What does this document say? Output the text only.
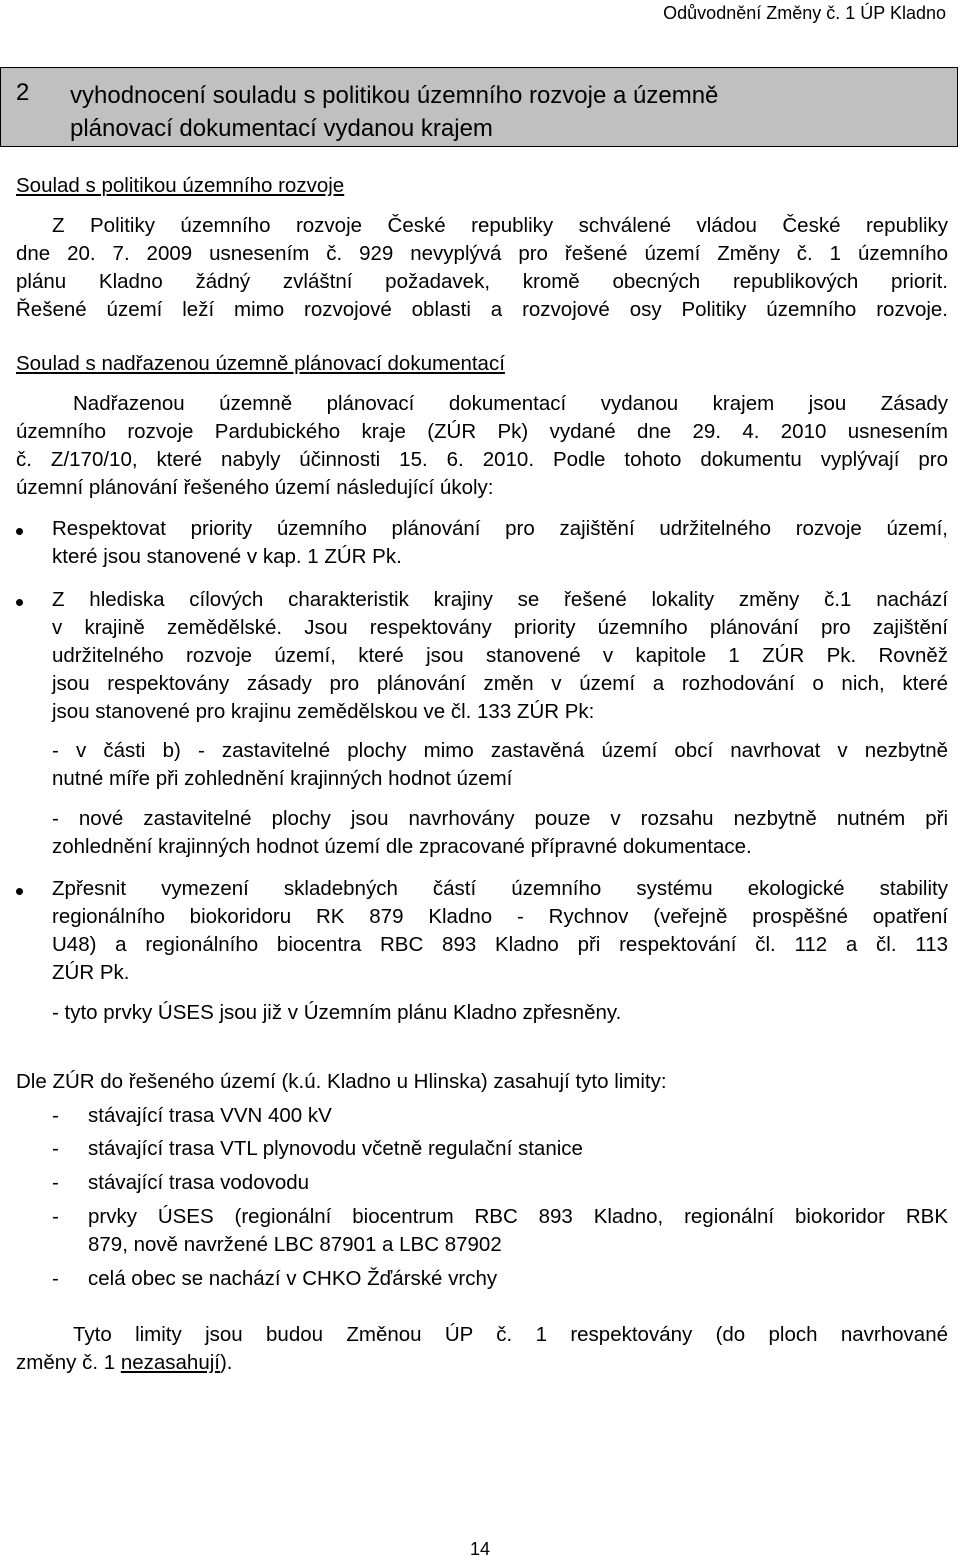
Odůvodnění Změny č. 1 ÚP Kladno
2 vyhodnocení souladu s politikou územního rozvoje a územně
plánovací dokumentací vydanou krajem
Soulad s politikou územního rozvoje
Z Politiky územního rozvoje České republiky schválené vládou České republiky
dne 20. 7. 2009 usnesením č. 929 nevyplývá pro řešené území Změny č. 1 územního
plánu Kladno žádný zvláštní požadavek, kromě obecných republikových priorit.
Řešené území leží mimo rozvojové oblasti a rozvojové osy Politiky územního rozvoje.
Soulad s nadřazenou územně plánovací dokumentací
Nadřazenou územně plánovací dokumentací vydanou krajem jsou Zásady
územního rozvoje Pardubického kraje (ZÚR Pk) vydané dne 29. 4. 2010 usnesením
č. Z/170/10, které nabyly účinnosti 15. 6. 2010. Podle tohoto dokumentu vyplývají pro
územní plánování řešeného území následující úkoly:
Respektovat priority územního plánování pro zajištění udržitelného rozvoje území,
které jsou stanovené v kap. 1 ZÚR Pk.
Z hlediska cílových charakteristik krajiny se řešené lokality změny č.1 nachází
v krajině zemědělské. Jsou respektovány priority územního plánování pro zajištění
udržitelného rozvoje území, které jsou stanovené v kapitole 1 ZÚR Pk. Rovněž
jsou respektovány zásady pro plánování změn v území a rozhodování o nich, které
jsou stanovené pro krajinu zemědělskou ve čl. 133 ZÚR Pk:
- v části b) - zastavitelné plochy mimo zastavěná území obcí navrhovat v nezbytně
nutné míře při zohlednění krajinných hodnot území
- nové zastavitelné plochy jsou navrhovány pouze v rozsahu nezbytně nutném při
zohlednění krajinných hodnot území dle zpracované přípravné dokumentace.
Zpřesnit vymezení skladebných částí územního systému ekologické stability
regionálního biokoridoru RK 879 Kladno - Rychnov (veřejně prospěšné opatření
U48) a regionálního biocentra RBC 893 Kladno při respektování čl. 112 a čl. 113
ZÚR Pk.
- tyto prvky ÚSES jsou již v Územním plánu Kladno zpřesněny.
Dle ZÚR do řešeného území (k.ú. Kladno u Hlinska) zasahují tyto limity:
- stávající trasa VVN 400 kV
- stávající trasa VTL plynovodu včetně regulační stanice
- stávající trasa vodovodu
- prvky ÚSES (regionální biocentrum RBC 893 Kladno, regionální biokoridor RBK
879, nově navržené LBC 87901 a LBC 87902
- celá obec se nachází v CHKO Žďárské vrchy
Tyto limity jsou budou Změnou ÚP č. 1 respektovány (do ploch navrhované
změny č. 1 nezasahují).
14
